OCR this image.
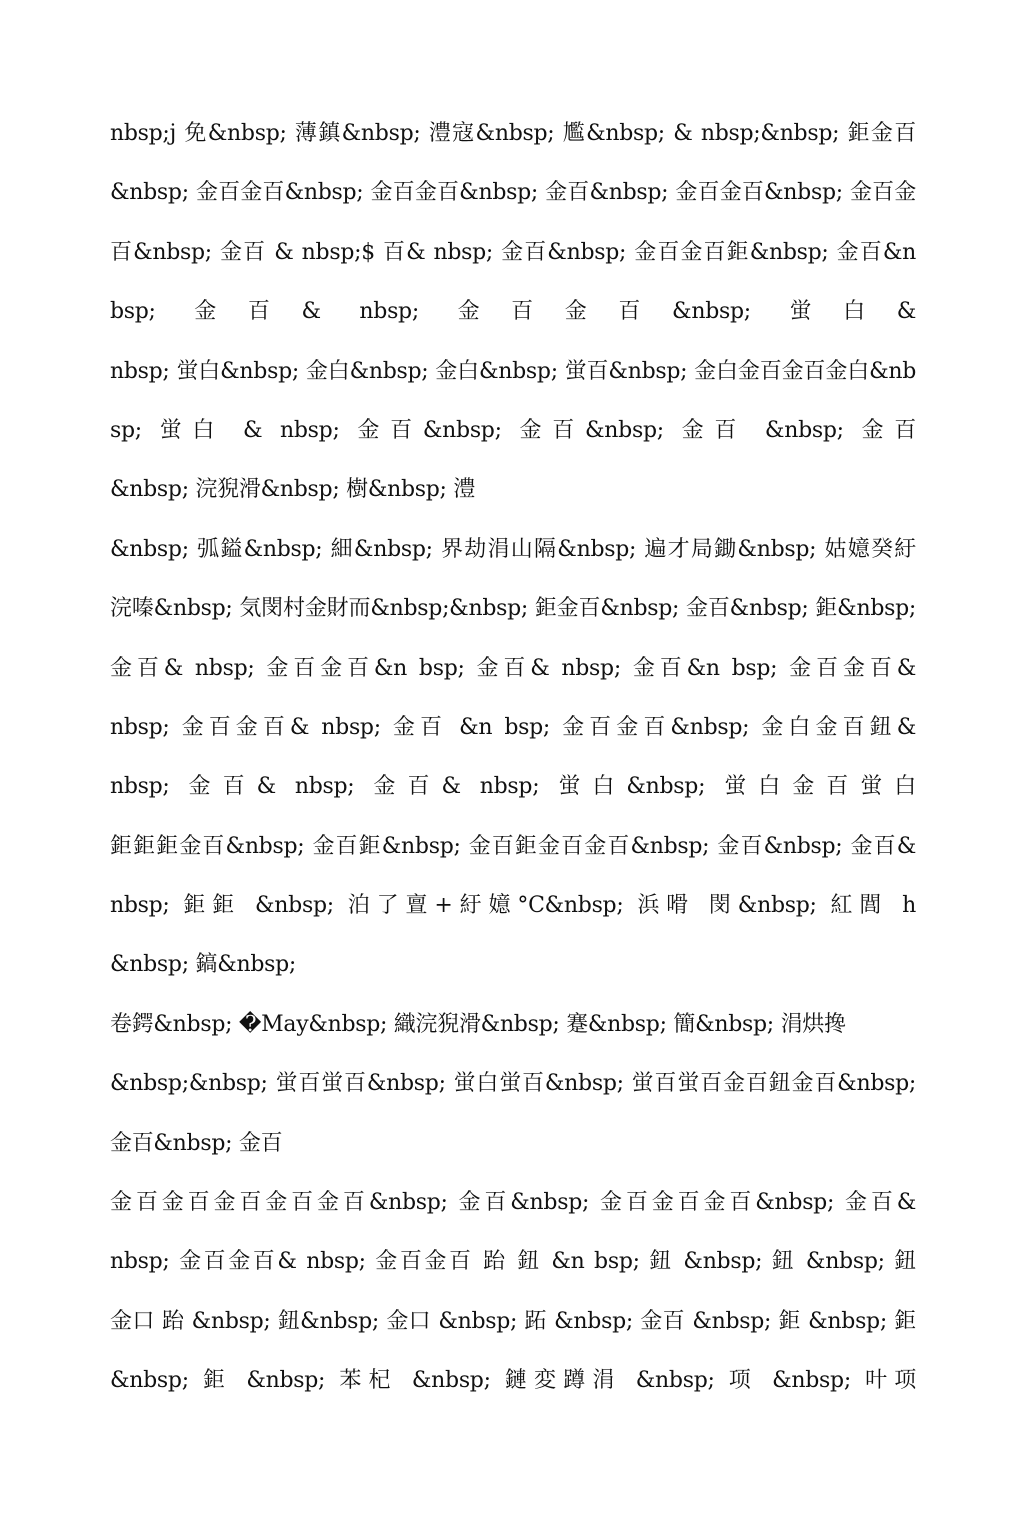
nbsp;j 免&nbsp; 薄鎮&nbsp; 澧寇&nbsp; 尷&nbsp; & nbsp;&nbsp; 鉅金百
&nbsp; 金百金百&nbsp; 金百金百&nbsp; 金百&nbsp; 金百金百&nbsp; 金百金
百&nbsp; 金百 & nbsp;$ 百& nbsp; 金百&nbsp; 金百金百鉅&nbsp; 金百&n
bsp; 金百& nbsp; 金百金百&nbsp; 蛍白&
nbsp; 蛍白&nbsp; 金白&nbsp; 金白&nbsp; 蛍百&nbsp; 金白金百金百金白&nb
sp; 蛍白 & nbsp; 金百&nbsp; 金百&nbsp; 金百 &nbsp; 金百
&nbsp; 浣猊滑&nbsp; 樹&nbsp; 澧
&nbsp; 弧鎰&nbsp; 細&nbsp; 界劫涓山隔&nbsp; 遍才局鋤&nbsp; 姑嬑癸紆
浣嗪&nbsp; 気閔村金財而&nbsp;&nbsp; 鉅金百&nbsp; 金百&nbsp; 鉅&nbsp;
金百& nbsp; 金百金百&n bsp; 金百& nbsp; 金百&n bsp; 金百金百&
nbsp; 金百金百& nbsp; 金百 &n bsp; 金百金百&nbsp; 金白金百鈕&
nbsp; 金百& nbsp; 金百& nbsp; 蛍白&nbsp; 蛍白金百蛍白
鉅鉅鉅金百&nbsp; 金百鉅&nbsp; 金百鉅金百金百&nbsp; 金百&nbsp; 金百&
nbsp; 鉅鉅 &nbsp; 泊了亶+紆嬑°C&nbsp; 浜嗗 閔&nbsp; 紅閭 h
&nbsp; 鎬&nbsp;
卷鍔&nbsp; �May&nbsp; 織浣猊滑&nbsp; 蹇&nbsp; 簡&nbsp; 涓烘搀
&nbsp;&nbsp; 蛍百蛍百&nbsp; 蛍白蛍百&nbsp; 蛍百蛍百金百鈕金百&nbsp;
金百&nbsp; 金百
金百金百金百金百金百&nbsp; 金百&nbsp; 金百金百金百&nbsp; 金百&
nbsp; 金百金百& nbsp; 金百金百 跆 鈕 &n bsp; 鈕 &nbsp; 鈕 &nbsp; 鈕
金口 跆 &nbsp; 鈕&nbsp; 金口 &nbsp; 跖 &nbsp; 金百 &nbsp; 鉅 &nbsp; 鉅
&nbsp; 鉅 &nbsp; 苯杞 &nbsp; 鏈変蹲涓 &nbsp; 项 &nbsp; 叶项
